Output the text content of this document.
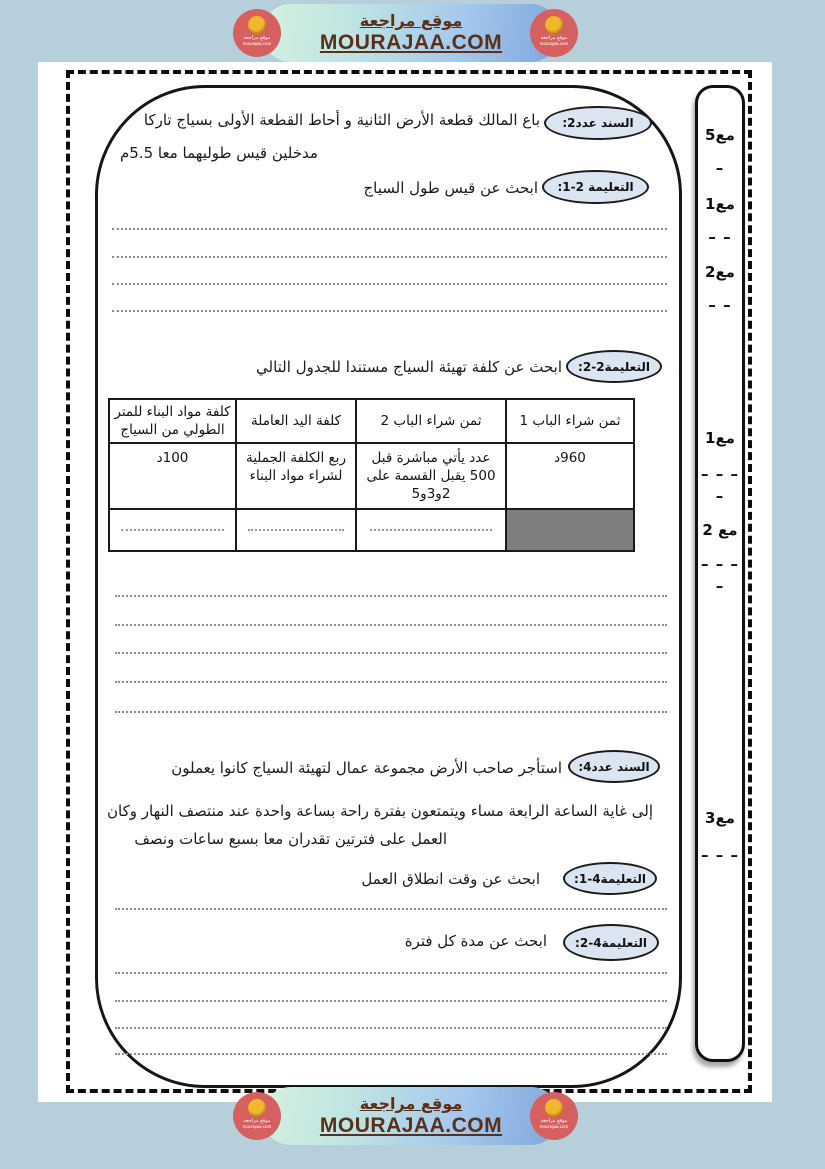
السند عدد2:
باع المالك قطعة الأرض الثانية و أحاط القطعة الأولى بسياج تاركا
مدخلين قيس طوليهما معا 5.5م
التعليمة 2-1:
ابحث عن قيس طول السياج
التعليمة2-2:
ابحث عن كلفة تهيئة السياج مستندا للجدول التالي
ثمن شراء الباب 1	ثمن شراء الباب 2	كلفة اليد العاملة	كلفة مواد البناء للمتر الطولي من السياج
960د	عدد يأتي مباشرة قبل 500 يقبل القسمة على 2و3و5	ربع الكلفة الجملية لشراء مواد البناء	100د

السند عدد4:
استأجر صاحب الأرض مجموعة عمال لتهيئة السياج كانوا يعملون
إلى غاية الساعة الرابعة مساء ويتمتعون بفترة راحة بساعة واحدة عند منتصف النهار وكان
العمل على فترتين تقدران معا بسبع ساعات ونصف
التعليمة4-1:
ابحث عن وقت انطلاق العمل
التعليمة4-2:
ابحث عن مدة كل فترة
مع5
–
مع1
– –
مع2
– –
مع1
– – –
–
مع 2
– – –
–
مع3
– – –
موقع مراجعة
MOURAJAA.COM
موقع مراجعة
mourajaa.com
موقع مراجعة
mourajaa.com
موقع مراجعة
MOURAJAA.COM
موقع مراجعة
mourajaa.com
موقع مراجعة
mourajaa.com
